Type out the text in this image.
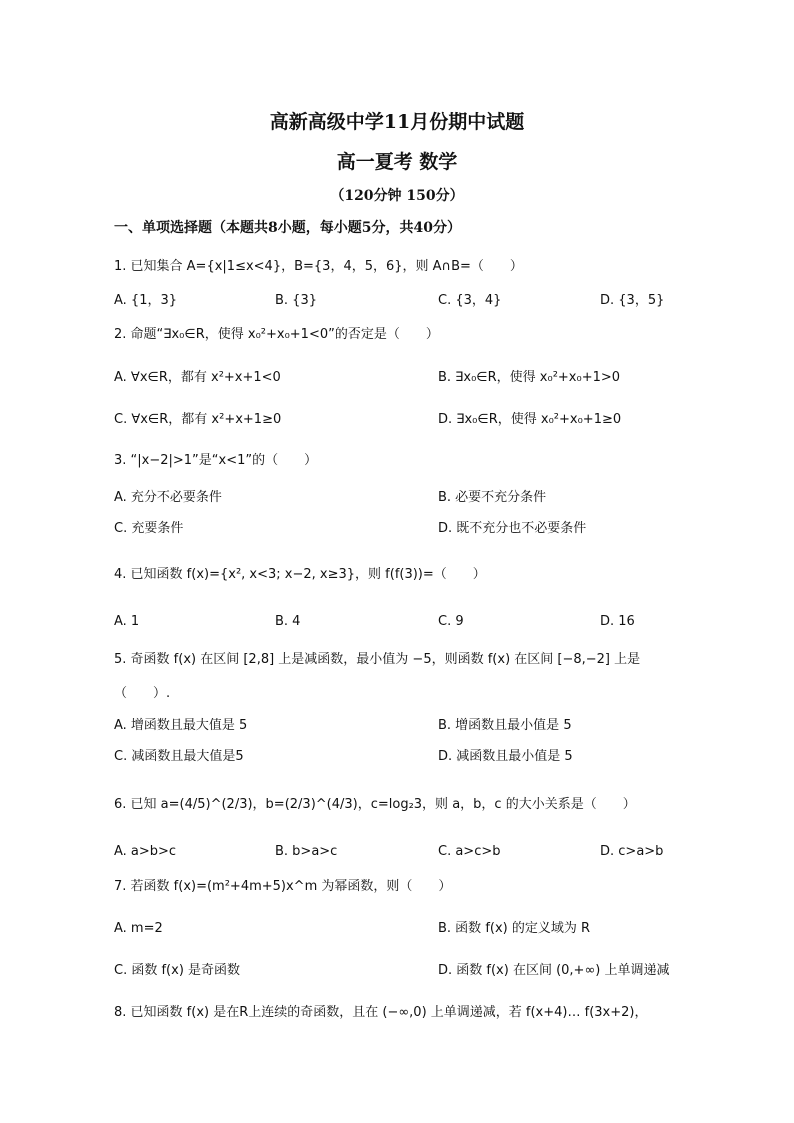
高新高级中学11月份期中试题
高一夏考 数学
（120分钟 150分）
一、单项选择题（本题共8小题，每小题5分，共40分）
1. 已知集合 A={x|1≤x<4}，B={3，4，5，6}，则 A∩B=（　　）
A. {1，3}	B. {3}	C. {3，4}	D. {3，5}
2. 命题“∃x₀∈R，使得 x₀²+x₀+1<0”的否定是（　　）
A. ∀x∈R，都有 x²+x+1<0	B. ∃x₀∈R，使得 x₀²+x₀+1>0
C. ∀x∈R，都有 x²+x+1≥0	D. ∃x₀∈R，使得 x₀²+x₀+1≥0
3. “|x−2|>1”是“x<1”的（　　）
A. 充分不必要条件	B. 必要不充分条件
C. 充要条件	D. 既不充分也不必要条件
4. 已知函数 f(x)={x², x<3; x−2, x≥3}，则 f(f(3))=（　　）
A. 1	B. 4	C. 9	D. 16
5. 奇函数 f(x) 在区间 [2,8] 上是减函数，最小值为 −5，则函数 f(x) 在区间 [−8,−2] 上是
（　　）.
A. 增函数且最大值是 5	B. 增函数且最小值是 5
C. 减函数且最大值是5	D. 减函数且最小值是 5
6. 已知 a=(4/5)^(2/3)，b=(2/3)^(4/3)，c=log₂3，则 a，b，c 的大小关系是（　　）
A. a>b>c	B. b>a>c	C. a>c>b	D. c>a>b
7. 若函数 f(x)=(m²+4m+5)x^m 为幂函数，则（　　）
A. m=2	B. 函数 f(x) 的定义域为 R
C. 函数 f(x) 是奇函数	D. 函数 f(x) 在区间 (0,+∞) 上单调递减
8. 已知函数 f(x) 是在R上连续的奇函数，且在 (−∞,0) 上单调递减，若 f(x+4)… f(3x+2)，
